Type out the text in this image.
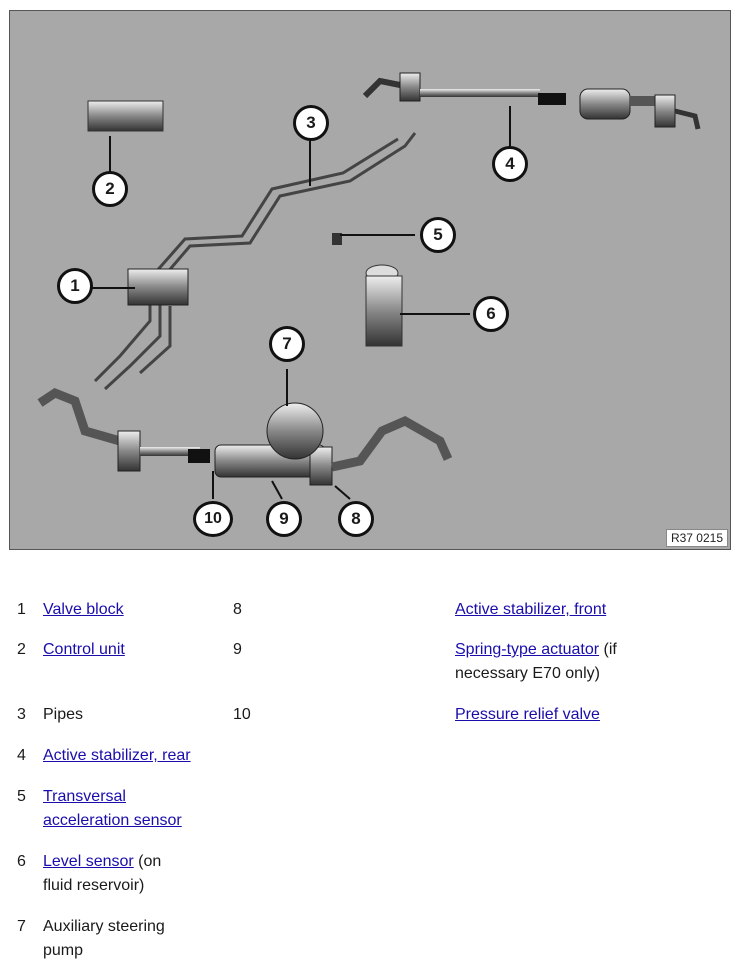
1
2
3
4
5
6
7
8
9
10
R37 0215
1	Valve block
2	Control unit
3	Pipes
4	Active stabilizer, rear
5	Transversal acceleration sensor
6	Level sensor (on fluid reservoir)
7	Auxiliary steering pump
8	Active stabilizer, front
9	Spring-type actuator (if necessary E70 only)
10	Pressure relief valve
